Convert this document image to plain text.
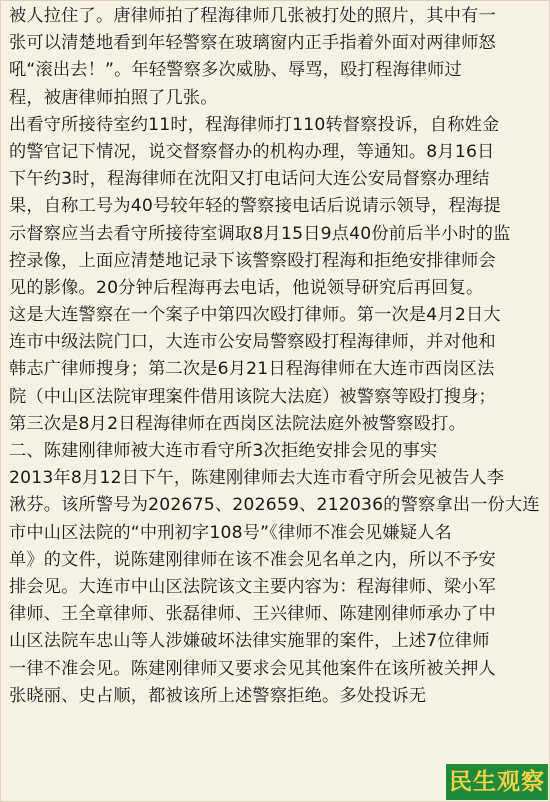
被人拉住了。唐律师拍了程海律师几张被打处的照片，其中有一
张可以清楚地看到年轻警察在玻璃窗内正手指着外面对两律师怒
吼“滚出去！”。年轻警察多次威胁、辱骂，殴打程海律师过
程，被唐律师拍照了几张。
出看守所接待室约11时，程海律师打110转督察投诉，自称姓金
的警官记下情况，说交督察督办的机构办理，等通知。8月16日
下午约3时，程海律师在沈阳又打电话问大连公安局督察办理结
果，自称工号为40号较年轻的警察接电话后说请示领导，程海提
示督察应当去看守所接待室调取8月15日9点40份前后半小时的监
控录像，上面应清楚地记录下该警察殴打程海和拒绝安排律师会
见的影像。20分钟后程海再去电话，他说领导研究后再回复。
这是大连警察在一个案子中第四次殴打律师。第一次是4月2日大
连市中级法院门口，大连市公安局警察殴打程海律师，并对他和
韩志广律师搜身；第二次是6月21日程海律师在大连市西岗区法
院（中山区法院审理案件借用该院大法庭）被警察等殴打搜身；
第三次是8月2日程海律师在西岗区法院法庭外被警察殴打。
二、陈建刚律师被大连市看守所3次拒绝安排会见的事实
2013年8月12日下午，陈建刚律师去大连市看守所会见被告人李
湫芬。该所警号为202675、202659、212036的警察拿出一份大连
市中山区法院的“中刑初字108号”《律师不准会见嫌疑人名
单》的文件，说陈建刚律师在该不准会见名单之内，所以不予安
排会见。大连市中山区法院该文主要内容为：程海律师、梁小军
律师、王全章律师、张磊律师、王兴律师、陈建刚律师承办了中
山区法院车忠山等人涉嫌破坏法律实施罪的案件，上述7位律师
一律不准会见。陈建刚律师又要求会见其他案件在该所被关押人
张晓丽、史占顺，都被该所上述警察拒绝。多处投诉无
民生观察
